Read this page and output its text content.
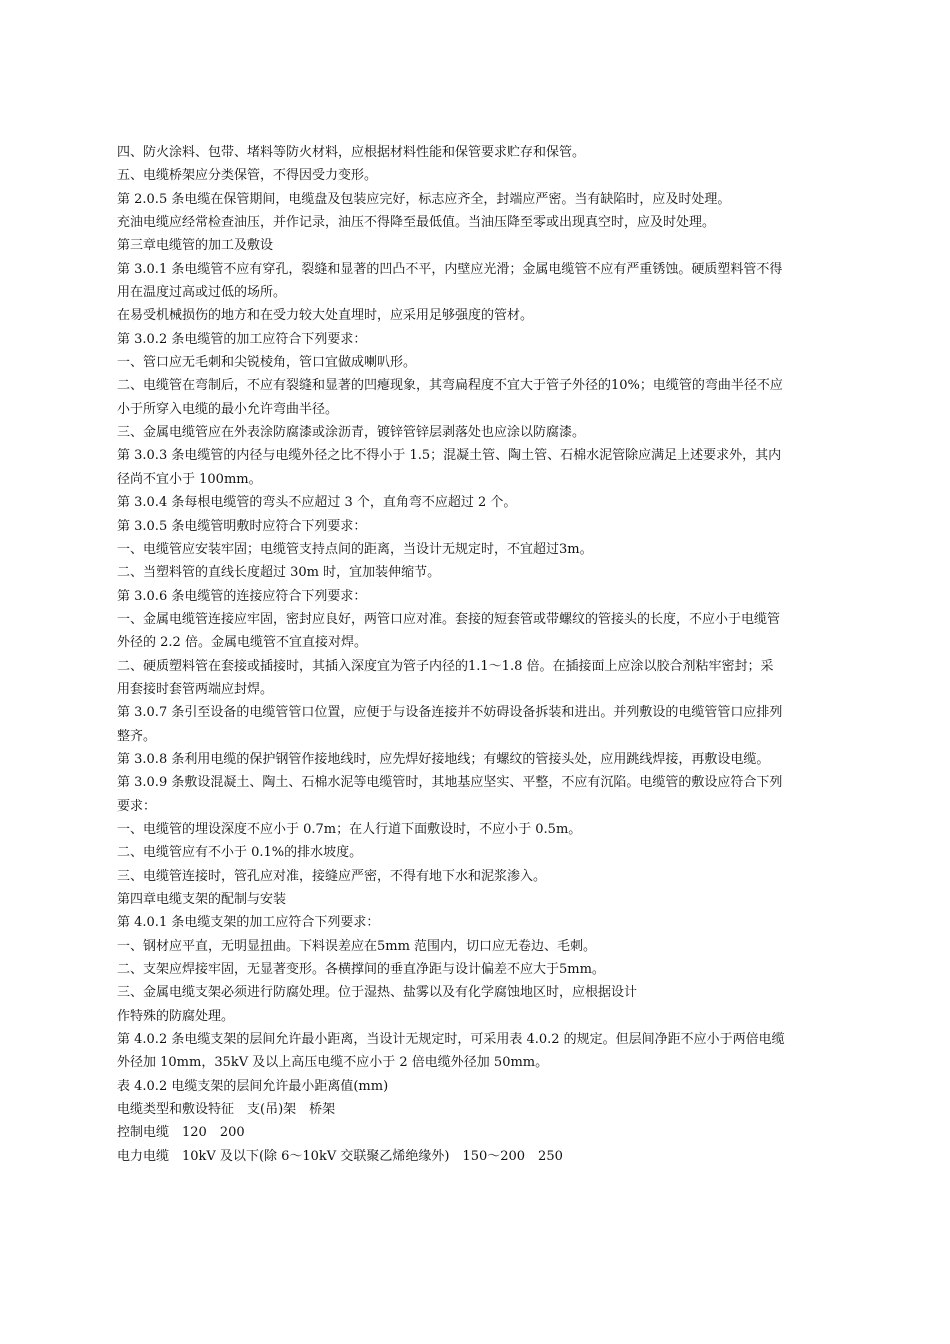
四、防火涂料、包带、堵料等防火材料，应根据材料性能和保管要求贮存和保管。
五、电缆桥架应分类保管，不得因受力变形。
第 2.0.5 条电缆在保管期间，电缆盘及包装应完好，标志应齐全，封端应严密。当有缺陷时，应及时处理。
充油电缆应经常检查油压，并作记录，油压不得降至最低值。当油压降至零或出现真空时，应及时处理。
第三章电缆管的加工及敷设
第 3.0.1 条电缆管不应有穿孔，裂缝和显著的凹凸不平，内壁应光滑；金属电缆管不应有严重锈蚀。硬质塑料管不得
用在温度过高或过低的场所。
在易受机械损伤的地方和在受力较大处直埋时，应采用足够强度的管材。
第 3.0.2 条电缆管的加工应符合下列要求：
一、管口应无毛刺和尖锐棱角，管口宜做成喇叭形。
二、电缆管在弯制后，不应有裂缝和显著的凹瘪现象，其弯扁程度不宜大于管子外径的10%；电缆管的弯曲半径不应
小于所穿入电缆的最小允许弯曲半径。
三、金属电缆管应在外表涂防腐漆或涂沥青，镀锌管锌层剥落处也应涂以防腐漆。
第 3.0.3 条电缆管的内径与电缆外径之比不得小于 1.5；混凝土管、陶土管、石棉水泥管除应满足上述要求外，其内
径尚不宜小于 100mm。
第 3.0.4 条每根电缆管的弯头不应超过 3 个，直角弯不应超过 2 个。
第 3.0.5 条电缆管明敷时应符合下列要求：
一、电缆管应安装牢固；电缆管支持点间的距离，当设计无规定时，不宜超过3m。
二、当塑料管的直线长度超过 30m 时，宜加装伸缩节。
第 3.0.6 条电缆管的连接应符合下列要求：
一、金属电缆管连接应牢固，密封应良好，两管口应对准。套接的短套管或带螺纹的管接头的长度，不应小于电缆管
外径的 2.2 倍。金属电缆管不宜直接对焊。
二、硬质塑料管在套接或插接时，其插入深度宜为管子内径的1.1～1.8 倍。在插接面上应涂以胶合剂粘牢密封；采
用套接时套管两端应封焊。
第 3.0.7 条引至设备的电缆管管口位置，应便于与设备连接并不妨碍设备拆装和进出。并列敷设的电缆管管口应排列
整齐。
第 3.0.8 条利用电缆的保护钢管作接地线时，应先焊好接地线；有螺纹的管接头处，应用跳线焊接，再敷设电缆。
第 3.0.9 条敷设混凝土、陶土、石棉水泥等电缆管时，其地基应坚实、平整，不应有沉陷。电缆管的敷设应符合下列
要求：
一、电缆管的埋设深度不应小于 0.7m；在人行道下面敷设时，不应小于 0.5m。
二、电缆管应有不小于 0.1%的排水坡度。
三、电缆管连接时，管孔应对准，接缝应严密，不得有地下水和泥浆渗入。
第四章电缆支架的配制与安装
第 4.0.1 条电缆支架的加工应符合下列要求：
一、钢材应平直，无明显扭曲。下料误差应在5mm 范围内，切口应无卷边、毛刺。
二、支架应焊接牢固，无显著变形。各横撑间的垂直净距与设计偏差不应大于5mm。
三、金属电缆支架必须进行防腐处理。位于湿热、盐雾以及有化学腐蚀地区时，应根据设计
作特殊的防腐处理。
第 4.0.2 条电缆支架的层间允许最小距离，当设计无规定时，可采用表 4.0.2 的规定。但层间净距不应小于两倍电缆
外径加 10mm，35kV 及以上高压电缆不应小于 2 倍电缆外径加 50mm。
表 4.0.2 电缆支架的层间允许最小距离值(mm)
电缆类型和敷设特征　支(吊)架　桥架
控制电缆　120　200
电力电缆　10kV 及以下(除 6～10kV 交联聚乙烯绝缘外)　150～200　250
